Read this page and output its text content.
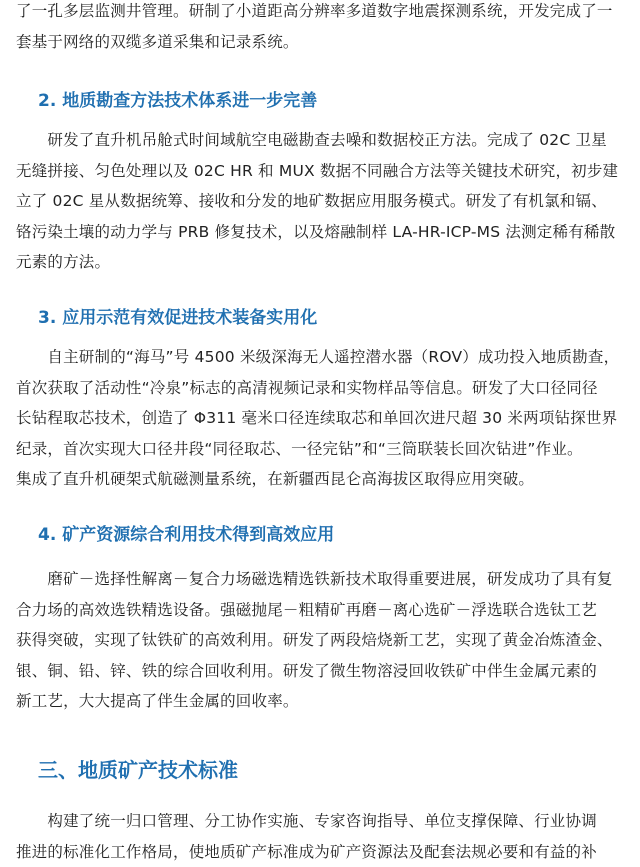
了一孔多层监测井管理。研制了小道距高分辨率多道数字地震探测系统，开发完成了一
套基于网络的双缆多道采集和记录系统。

2. 地质勘查方法技术体系进一步完善

　　研发了直升机吊舱式时间域航空电磁勘查去噪和数据校正方法。完成了 02C 卫星
无缝拼接、匀色处理以及 02C HR 和 MUX 数据不同融合方法等关键技术研究，初步建
立了 02C 星从数据统筹、接收和分发的地矿数据应用服务模式。研发了有机氯和镉、
铬污染土壤的动力学与 PRB 修复技术，以及熔融制样 LA-HR-ICP-MS 法测定稀有稀散
元素的方法。

3. 应用示范有效促进技术装备实用化

　　自主研制的“海马”号 4500 米级深海无人遥控潜水器（ROV）成功投入地质勘查，
首次获取了活动性“冷泉”标志的高清视频记录和实物样品等信息。研发了大口径同径
长钻程取芯技术，创造了 Φ311 毫米口径连续取芯和单回次进尺超 30 米两项钻探世界
纪录，首次实现大口径井段“同径取芯、一径完钻”和“三筒联装长回次钻进”作业。
集成了直升机硬架式航磁测量系统，在新疆西昆仑高海拔区取得应用突破。

4. 矿产资源综合利用技术得到高效应用

　　磨矿－选择性解离－复合力场磁选精选铁新技术取得重要进展，研发成功了具有复
合力场的高效选铁精选设备。强磁抛尾－粗精矿再磨－离心选矿－浮选联合选钛工艺
获得突破，实现了钛铁矿的高效利用。研发了两段焙烧新工艺，实现了黄金冶炼渣金、
银、铜、铅、锌、铁的综合回收利用。研发了微生物溶浸回收铁矿中伴生金属元素的
新工艺，大大提高了伴生金属的回收率。

三、地质矿产技术标准

　　构建了统一归口管理、分工协作实施、专家咨询指导、单位支撑保障、行业协调
推进的标准化工作格局，使地质矿产标准成为矿产资源法及配套法规必要和有益的补
